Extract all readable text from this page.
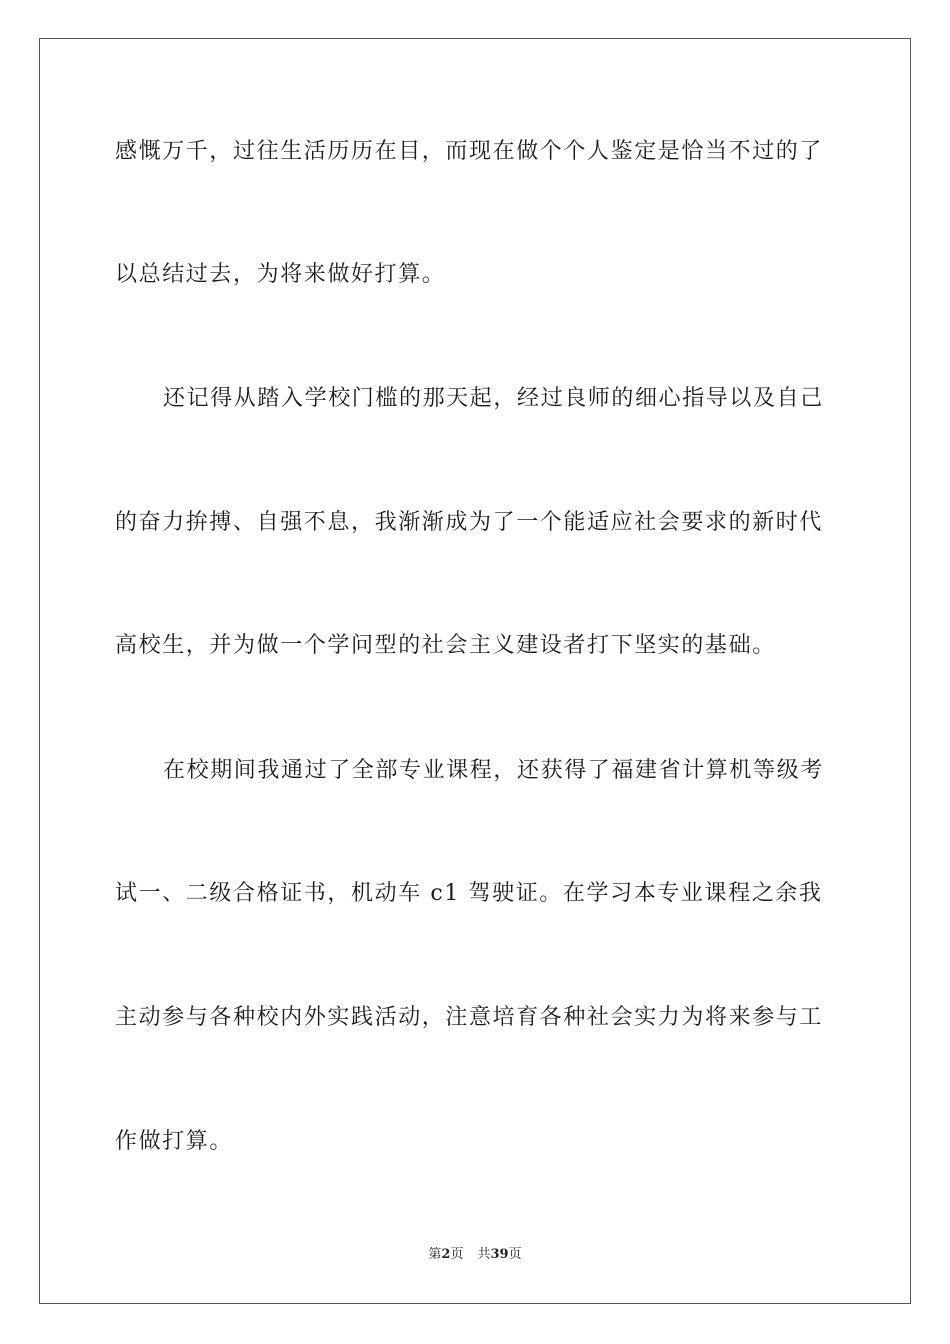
感慨万千，过往生活历历在目，而现在做个个人鉴定是恰当不过的了
以总结过去，为将来做好打算。
还记得从踏入学校门槛的那天起，经过良师的细心指导以及自己
的奋力拚搏、自强不息，我渐渐成为了一个能适应社会要求的新时代
高校生，并为做一个学问型的社会主义建设者打下坚实的基础。
在校期间我通过了全部专业课程，还获得了福建省计算机等级考
试一、二级合格证书，机动车 c1 驾驶证。在学习本专业课程之余我
主动参与各种校内外实践活动，注意培育各种社会实力为将来参与工
作做打算。
第2页 共39页
